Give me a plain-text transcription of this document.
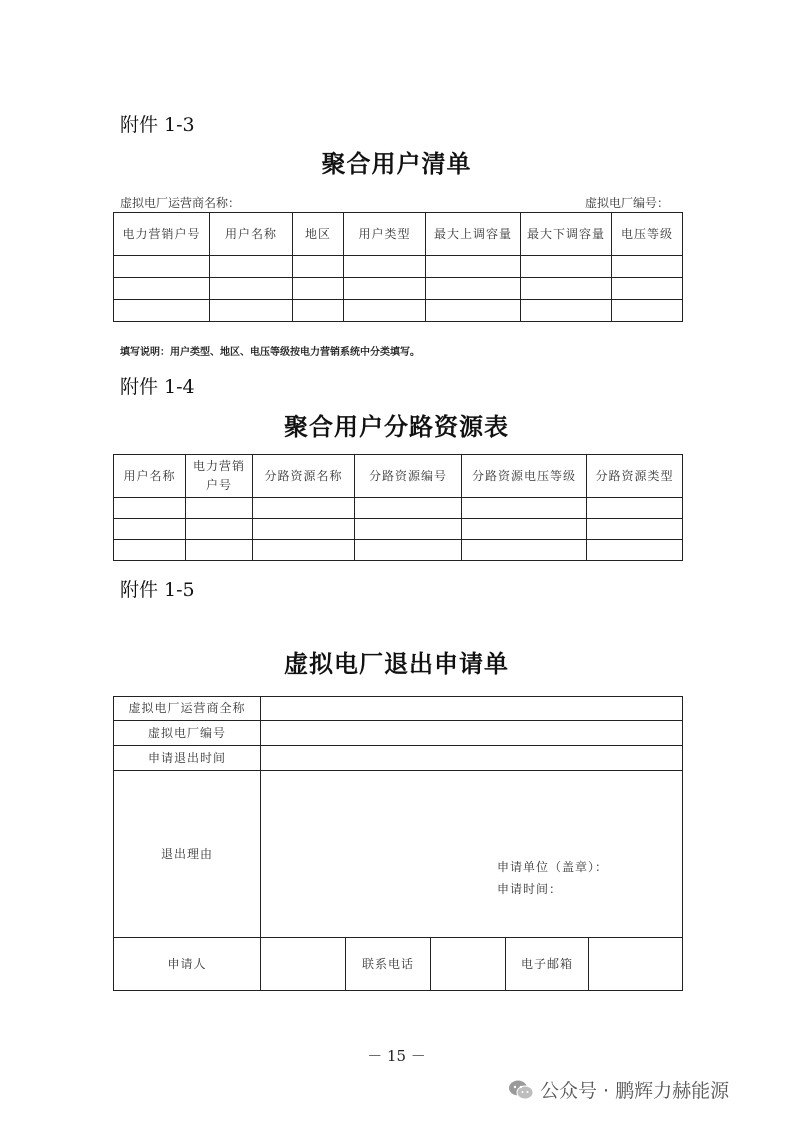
附件 1-3
聚合用户清单
虚拟电厂运营商名称：	虚拟电厂编号：
电力营销户号	用户名称	地区	用户类型	最大上调容量	最大下调容量	电压等级

填写说明：用户类型、地区、电压等级按电力营销系统中分类填写。
附件 1-4
聚合用户分路资源表
用户名称	电力营销户号	分路资源名称	分路资源编号	分路资源电压等级	分路资源类型

附件 1-5
虚拟电厂退出申请单
虚拟电厂运营商全称					
虚拟电厂编号					
申请退出时间					
退出理由	申请单位（盖章）：
申请时间：				

申请人		联系电话		电子邮箱	
－ 15 －
公众号 · 鹏辉力赫能源
